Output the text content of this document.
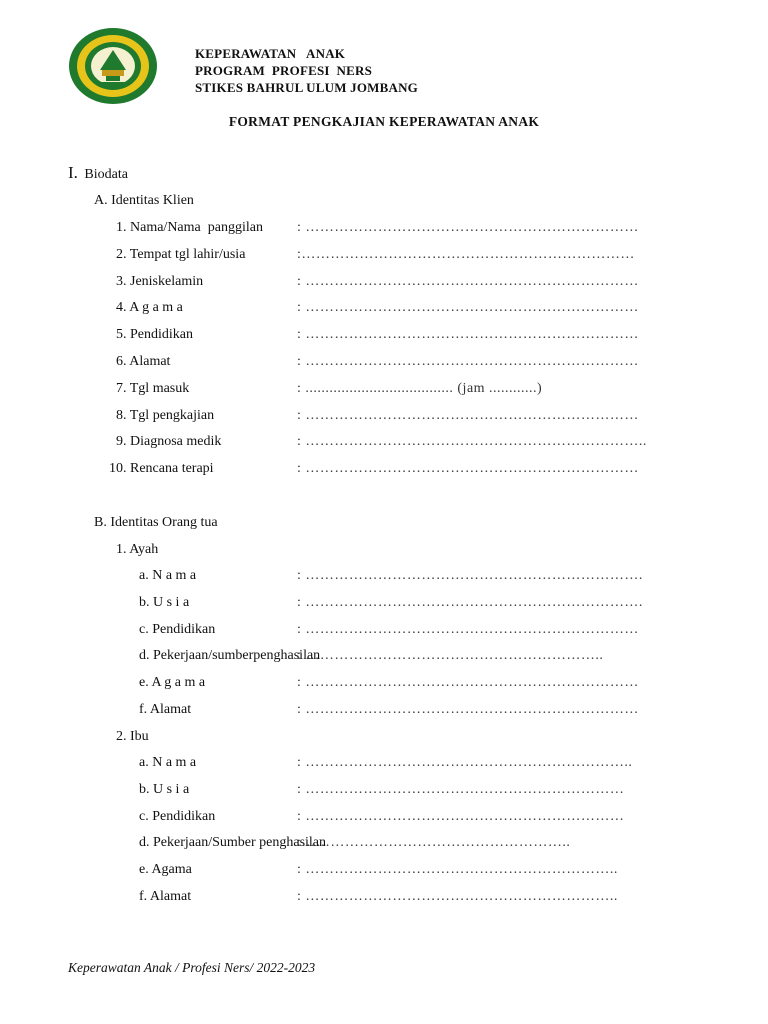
KEPERAWATAN   ANAK
PROGRAM  PROFESI  NERS
STIKES BAHRUL ULUM JOMBANG
FORMAT PENGKAJIAN KEPERAWATAN ANAK
I. Biodata
A. Identitas Klien
1. Nama/Nama  panggilan : ……………………………………………………………
2. Tempat tgl lahir/usia	:……………………………………………………………
3. Jeniskelamin	: ……………………………………………………………
4. A g a m a	: ……………………………………………………………
5. Pendidikan	: ……………………………………………………………
6. Alamat	: ……………………………………………………………
7. Tgl masuk	: ..................................... (jam ............)
8. Tgl pengkajian	: ……………………………………………………………
9. Diagnosa medik	: ……………………………………………………………..
10. Rencana terapi	: ……………………………………………………………
B. Identitas Orang tua
1. Ayah
a. N a m a	: …………………………………………………………….
b. U s i a	: …………………………………………………………….
c. Pendidikan	: ……………………………………………………………
d. Pekerjaan/sumberpenghasilan
: ……………………………………………………..
e. A g a m a	: ……………………………………………………………
f. Alamat	: ……………………………………………………………
2. Ibu
a. N a m a	: …………………………………………………………..
b. U s i a	: …………………………………………………………
c. Pendidikan	: …………………………………………………………
d. Pekerjaan/Sumber penghasilan
:………………………………………………..
e. Agama	: ………………………………………………………..
f. Alamat	: ………………………………………………………..
Keperawatan Anak / Profesi Ners/ 2022-2023
